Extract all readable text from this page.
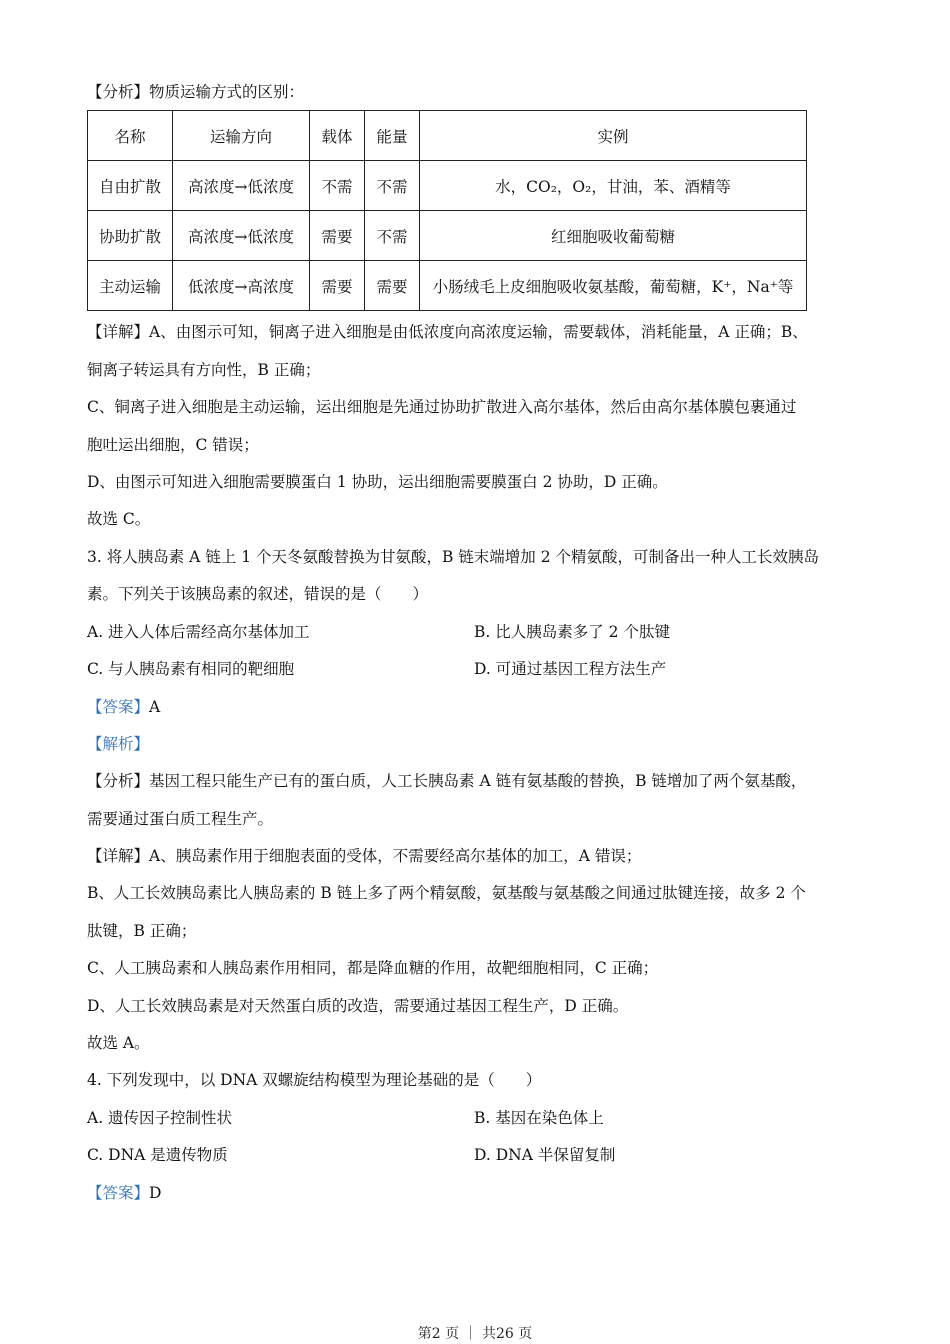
【分析】物质运输方式的区别：
名称	运输方向	载体	能量	实例
自由扩散	高浓度→低浓度	不需	不需	水，CO₂，O₂，甘油，苯、酒精等
协助扩散	高浓度→低浓度	需要	不需	红细胞吸收葡萄糖
主动运输	低浓度→高浓度	需要	需要	小肠绒毛上皮细胞吸收氨基酸，葡萄糖，K⁺，Na⁺等
【详解】A、由图示可知，铜离子进入细胞是由低浓度向高浓度运输，需要载体，消耗能量，A 正确；B、
铜离子转运具有方向性，B 正确；
C、铜离子进入细胞是主动运输，运出细胞是先通过协助扩散进入高尔基体，然后由高尔基体膜包裹通过
胞吐运出细胞，C 错误；
D、由图示可知进入细胞需要膜蛋白 1 协助，运出细胞需要膜蛋白 2 协助，D 正确。
故选 C。
3. 将人胰岛素 A 链上 1 个天冬氨酸替换为甘氨酸，B 链末端增加 2 个精氨酸，可制备出一种人工长效胰岛
素。下列关于该胰岛素的叙述，错误的是（　　）
A. 进入人体后需经高尔基体加工	B. 比人胰岛素多了 2 个肽键
C. 与人胰岛素有相同的靶细胞	D. 可通过基因工程方法生产
【答案】A
【解析】
【分析】基因工程只能生产已有的蛋白质，人工长胰岛素 A 链有氨基酸的替换，B 链增加了两个氨基酸，
需要通过蛋白质工程生产。
【详解】A、胰岛素作用于细胞表面的受体，不需要经高尔基体的加工，A 错误；
B、人工长效胰岛素比人胰岛素的 B 链上多了两个精氨酸，氨基酸与氨基酸之间通过肽键连接，故多 2 个
肽键，B 正确；
C、人工胰岛素和人胰岛素作用相同，都是降血糖的作用，故靶细胞相同，C 正确；
D、人工长效胰岛素是对天然蛋白质的改造，需要通过基因工程生产，D 正确。
故选 A。
4. 下列发现中，以 DNA 双螺旋结构模型为理论基础的是（　　）
A. 遗传因子控制性状	B. 基因在染色体上
C. DNA 是遗传物质	D. DNA 半保留复制
【答案】D
第2 页 ｜ 共26 页
